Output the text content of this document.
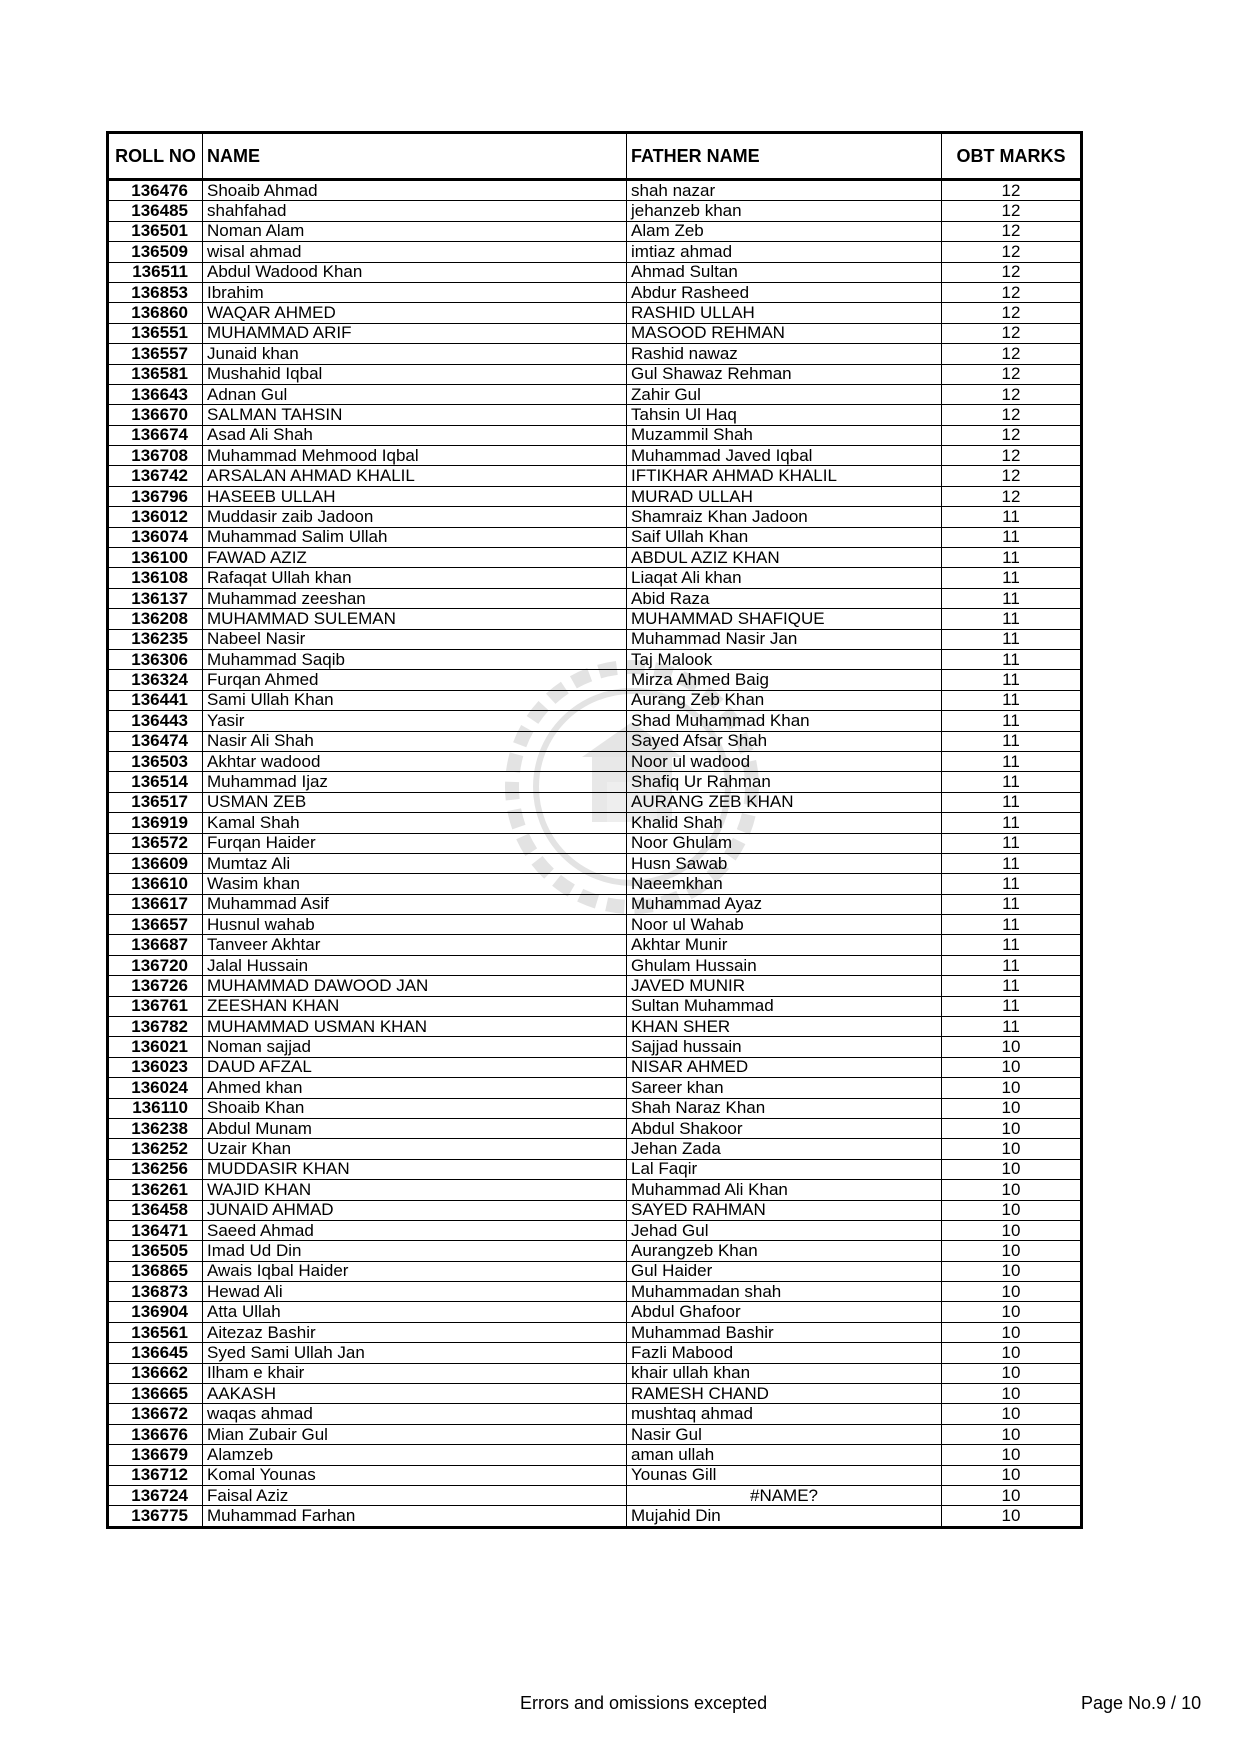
ROLL NO	NAME	FATHER NAME	OBT MARKS
136476	Shoaib Ahmad	shah nazar	12
136485	shahfahad	jehanzeb khan	12
136501	Noman Alam	Alam Zeb	12
136509	wisal ahmad	imtiaz ahmad	12
136511	Abdul Wadood Khan	Ahmad Sultan	12
136853	Ibrahim	Abdur Rasheed	12
136860	WAQAR AHMED	RASHID ULLAH	12
136551	MUHAMMAD ARIF	MASOOD REHMAN	12
136557	Junaid khan	Rashid nawaz	12
136581	Mushahid Iqbal	Gul Shawaz Rehman	12
136643	Adnan Gul	Zahir Gul	12
136670	SALMAN TAHSIN	Tahsin Ul Haq	12
136674	Asad Ali Shah	Muzammil Shah	12
136708	Muhammad Mehmood Iqbal	Muhammad Javed Iqbal	12
136742	ARSALAN AHMAD KHALIL	IFTIKHAR AHMAD KHALIL	12
136796	HASEEB ULLAH	MURAD ULLAH	12
136012	Muddasir zaib Jadoon	Shamraiz Khan Jadoon	11
136074	Muhammad Salim Ullah	Saif Ullah Khan	11
136100	FAWAD AZIZ	ABDUL AZIZ KHAN	11
136108	Rafaqat Ullah khan	Liaqat Ali khan	11
136137	Muhammad zeeshan	Abid Raza	11
136208	MUHAMMAD SULEMAN	MUHAMMAD SHAFIQUE	11
136235	Nabeel Nasir	Muhammad Nasir Jan	11
136306	Muhammad Saqib	Taj Malook	11
136324	Furqan Ahmed	Mirza Ahmed Baig	11
136441	Sami Ullah Khan	Aurang Zeb Khan	11
136443	Yasir	Shad Muhammad Khan	11
136474	Nasir Ali Shah	Sayed Afsar Shah	11
136503	Akhtar wadood	Noor ul wadood	11
136514	Muhammad Ijaz	Shafiq Ur Rahman	11
136517	USMAN ZEB	AURANG ZEB KHAN	11
136919	Kamal Shah	Khalid Shah	11
136572	Furqan Haider	Noor Ghulam	11
136609	Mumtaz Ali	Husn Sawab	11
136610	Wasim khan	Naeemkhan	11
136617	Muhammad Asif	Muhammad Ayaz	11
136657	Husnul wahab	Noor ul Wahab	11
136687	Tanveer Akhtar	Akhtar Munir	11
136720	Jalal Hussain	Ghulam Hussain	11
136726	MUHAMMAD DAWOOD JAN	JAVED MUNIR	11
136761	ZEESHAN KHAN	Sultan Muhammad	11
136782	MUHAMMAD USMAN KHAN	KHAN SHER	11
136021	Noman sajjad	Sajjad hussain	10
136023	DAUD AFZAL	NISAR AHMED	10
136024	Ahmed khan	Sareer khan	10
136110	Shoaib Khan	Shah Naraz Khan	10
136238	Abdul Munam	Abdul Shakoor	10
136252	Uzair Khan	Jehan Zada	10
136256	MUDDASIR KHAN	Lal Faqir	10
136261	WAJID KHAN	Muhammad Ali Khan	10
136458	JUNAID AHMAD	SAYED RAHMAN	10
136471	Saeed Ahmad	Jehad Gul	10
136505	Imad Ud Din	Aurangzeb Khan	10
136865	Awais Iqbal Haider	Gul Haider	10
136873	Hewad Ali	Muhammadan shah	10
136904	Atta Ullah	Abdul Ghafoor	10
136561	Aitezaz Bashir	Muhammad Bashir	10
136645	Syed Sami Ullah Jan	Fazli Mabood	10
136662	Ilham e khair	khair ullah khan	10
136665	AAKASH	RAMESH CHAND	10
136672	waqas ahmad	mushtaq ahmad	10
136676	Mian Zubair Gul	Nasir Gul	10
136679	Alamzeb	aman ullah	10
136712	Komal Younas	Younas Gill	10
136724	Faisal Aziz	#NAME?	10
136775	Muhammad Farhan	Mujahid Din	10
Errors and omissions excepted	Page No.9 / 10
